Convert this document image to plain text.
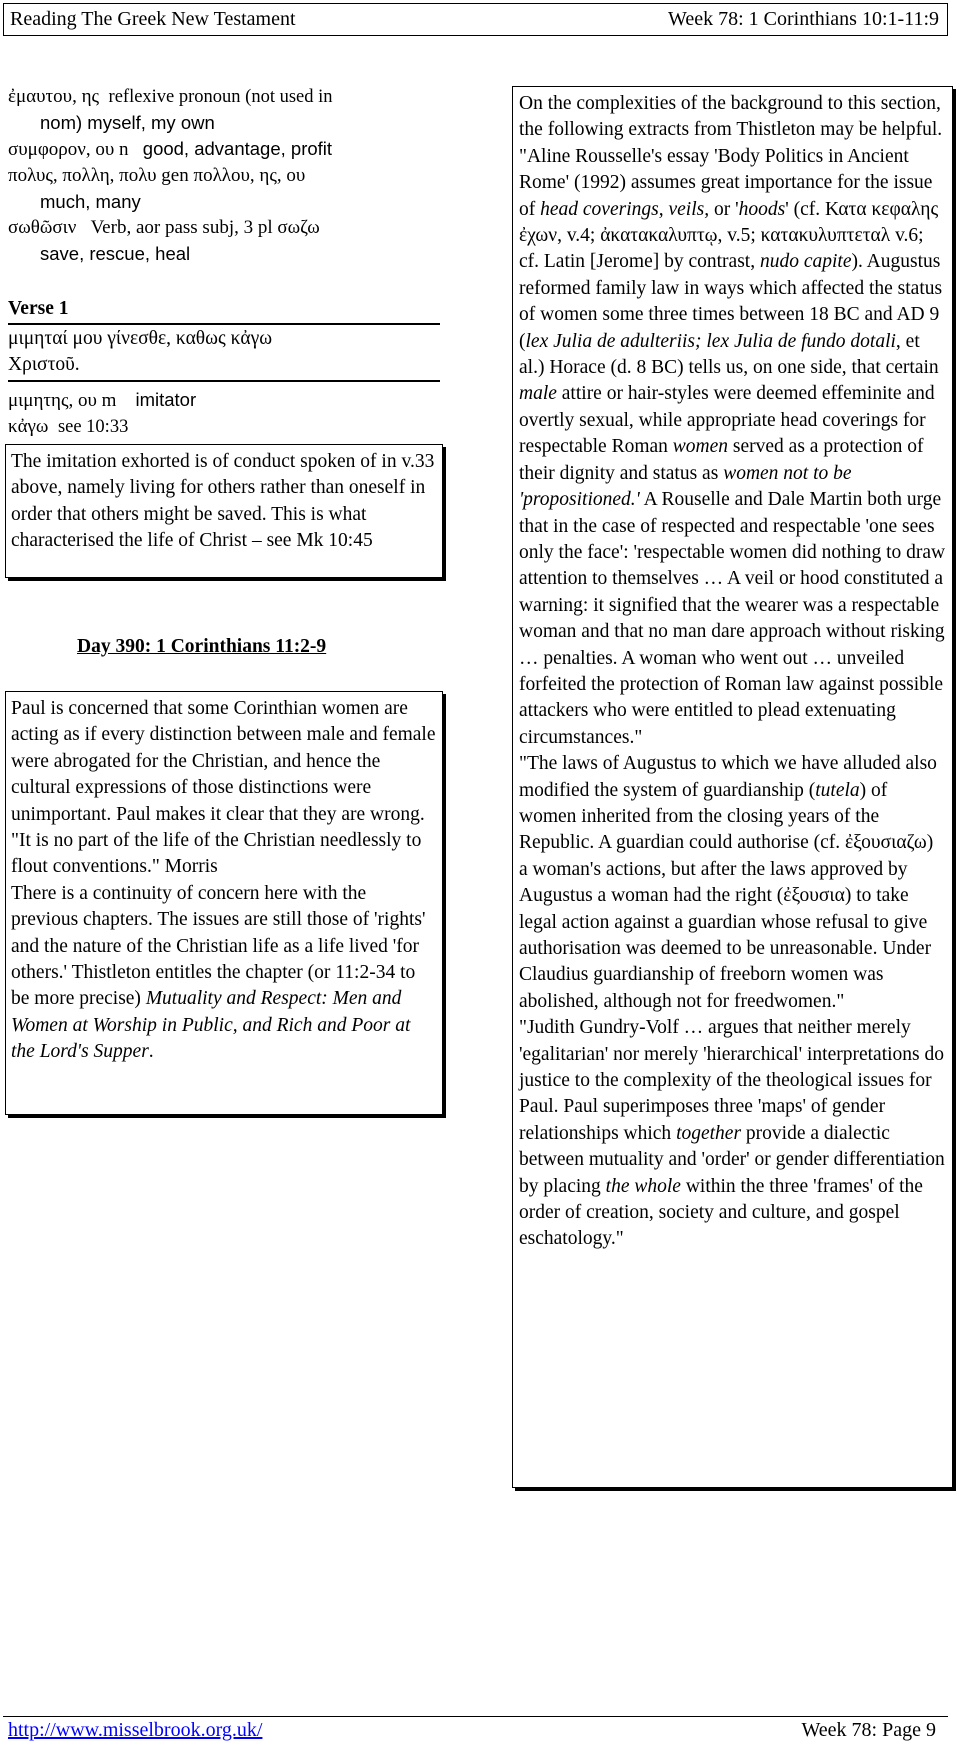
Reading The Greek New Testament	Week 78: 1 Corinthians 10:1-11:9
ἐμαυτου, ης reflexive pronoun (not used in
nom) myself, my own
συμφορον, ου n good, advantage, profit
πολυς, πολλη, πολυ gen πολλου, ης, ου
much, many
σωθῶσιν Verb, aor pass subj, 3 pl σωζω
save, rescue, heal
Verse 1
μιμηταί μου γίνεσθε, καθως κἀγω Χριστοῦ.
μιμητης, ου m imitator
κἀγω see 10:33

The imitation exhorted is of conduct spoken of in v.33 above, namely living for others rather than oneself in order that others might be saved. This is what characterised the life of Christ – see Mk 10:45

Day 390: 1 Corinthians 11:2-9

Paul is concerned that some Corinthian women are acting as if every distinction between male and female were abrogated for the Christian, and hence the cultural expressions of those distinctions were unimportant. Paul makes it clear that they are wrong. "It is no part of the life of the Christian needlessly to flout conventions." Morris

There is a continuity of concern here with the previous chapters. The issues are still those of 'rights' and the nature of the Christian life as a life lived 'for others.' Thistleton entitles the chapter (or 11:2-34 to be more precise) Mutuality and Respect: Men and Women at Worship in Public, and Rich and Poor at the Lord's Supper.

On the complexities of the background to this section, the following extracts from Thistleton may be helpful. "Aline Rousselle's essay 'Body Politics in Ancient Rome' (1992) assumes great importance for the issue of head coverings, veils, or 'hoods' (cf. Κατα κεφαλης ἐχων, v.4; ἀκατακαλυπτῳ, v.5; κατακυλυπτεταλ v.6; cf. Latin [Jerome] by contrast, nudo capite). Augustus reformed family law in ways which affected the status of women some three times between 18 BC and AD 9 (lex Julia de adulteriis; lex Julia de fundo dotali, et al.) Horace (d. 8 BC) tells us, on one side, that certain male attire or hair-styles were deemed effeminite and overtly sexual, while appropriate head coverings for respectable Roman women served as a protection of their dignity and status as women not to be 'propositioned.' A Rouselle and Dale Martin both urge that in the case of respected and respectable 'one sees only the face': 'respectable women did nothing to draw attention to themselves … A veil or hood constituted a warning: it signified that the wearer was a respectable woman and that no man dare approach without risking … penalties. A woman who went out … unveiled forfeited the protection of Roman law against possible attackers who were entitled to plead extenuating circumstances."

"The laws of Augustus to which we have alluded also modified the system of guardianship (tutela) of women inherited from the closing years of the Republic. A guardian could authorise (cf. ἐξουσιαζω) a woman's actions, but after the laws approved by Augustus a woman had the right (ἐξουσια) to take legal action against a guardian whose refusal to give authorisation was deemed to be unreasonable. Under Claudius guardianship of freeborn women was abolished, although not for freedwomen."

"Judith Gundry-Volf … argues that neither merely 'egalitarian' nor merely 'hierarchical' interpretations do justice to the complexity of the theological issues for Paul. Paul superimposes three 'maps' of gender relationships which together provide a dialectic between mutuality and 'order' or gender differentiation by placing the whole within the three 'frames' of the order of creation, society and culture, and gospel eschatology."

http://www.misselbrook.org.uk/	Week 78: Page 9
